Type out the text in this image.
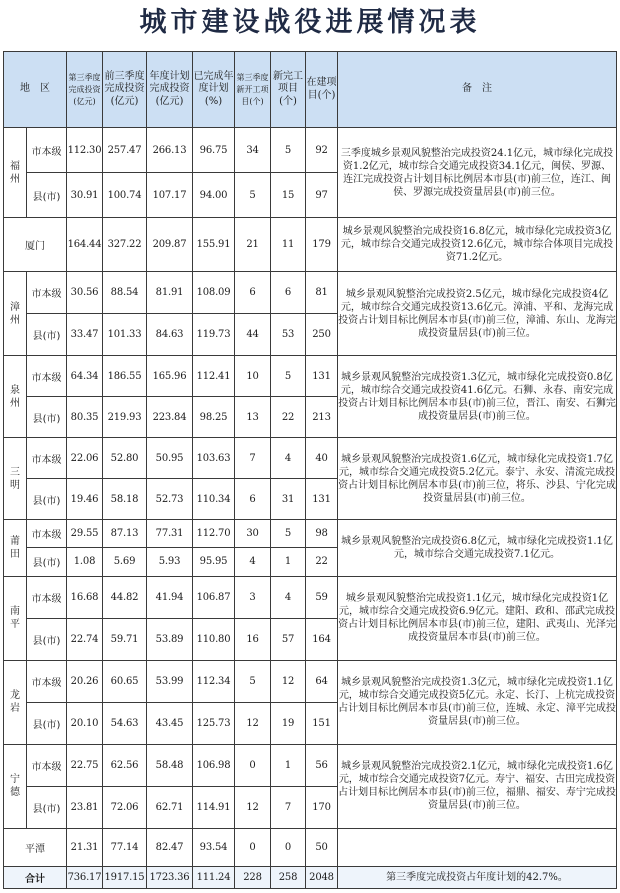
城市建设战役进展情况表
地　区		第三季度完成投资(亿元)	前三季度完成投资(亿元)	年度计划完成投资(亿元)	已完成年度计划(%)	第三季度新开工项目(个)	新完工项目(个)	在建项目(个)	备　注

福
州	市本级	112.30	257.47	266.13	96.75	34	5	92	三季度城乡景观风貌整治完成投资24.1亿元，城市绿化完成投资1.2亿元，城市综合交通完成投资34.1亿元，闽侯、罗源、连江完成投资占计划目标比例居本市县(市)前三位，连江、闽侯、罗源完成投资量居县(市)前三位。
	县(市)	30.91	100.74	107.17	94.00	5	15	97	
厦门		164.44	327.22	209.87	155.91	21	11	179	城乡景观风貌整治完成投资16.8亿元，城市绿化完成投资3亿元，城市综合交通完成投资12.6亿元，城市综合体项目完成投资71.2亿元。

漳
州	市本级	30.56	88.54	81.91	108.09	6	6	81	城乡景观风貌整治完成投资2.5亿元，城市绿化完成投资4亿元，城市综合交通完成投资13.6亿元。漳浦、平和、龙海完成投资占计划目标比例居本市县(市)前三位，漳浦、东山、龙海完成投资量居县(市)前三位。
	县(市)	33.47	101.33	84.63	119.73	44	53	250	

泉
州	市本级	64.34	186.55	165.96	112.41	10	5	131	城乡景观风貌整治完成投资1.3亿元，城市绿化完成投资0.8亿元，城市综合交通完成投资41.6亿元。石狮、永春、南安完成投资占计划目标比例居本市县(市)前三位，晋江、南安、石狮完成投资量居县(市)前三位。
	县(市)	80.35	219.93	223.84	98.25	13	22	213	

三
明	市本级	22.06	52.80	50.95	103.63	7	4	40	城乡景观风貌整治完成投资1.6亿元，城市绿化完成投资1.7亿元，城市综合交通完成投资5.2亿元。泰宁、永安、清流完成投资占计划目标比例居本市县(市)前三位，将乐、沙县、宁化完成投资量居县(市)前三位。
	县(市)	19.46	58.18	52.73	110.34	6	31	131	

莆
田	市本级	29.55	87.13	77.31	112.70	30	5	98	城乡景观风貌整治完成投资6.8亿元，城市绿化完成投资1.1亿元，城市综合交通完成投资7.1亿元。
	县(市)	1.08	5.69	5.93	95.95	4	1	22	

南
平	市本级	16.68	44.82	41.94	106.87	3	4	59	城乡景观风貌整治完成投资1.1亿元，城市绿化完成投资1亿元，城市综合交通完成投资6.9亿元。建阳、政和、邵武完成投资占计划目标比例居本市县(市)前三位，建阳、武夷山、光泽完成投资量居本市县(市)前三位。
	县(市)	22.74	59.71	53.89	110.80	16	57	164	

龙
岩	市本级	20.26	60.65	53.99	112.34	5	12	64	城乡景观风貌整治完成投资1.3亿元，城市绿化完成投资1.1亿元，城市综合交通完成投资5亿元。永定、长汀、上杭完成投资占计划目标比例居本市县(市)前三位，连城、永定、漳平完成投资量居县(市)前三位。
	县(市)	20.10	54.63	43.45	125.73	12	19	151	

宁
德	市本级	22.75	62.56	58.48	106.98	0	1	56	城乡景观风貌整治完成投资2.1亿元，城市绿化完成投资1.6亿元，城市综合交通完成投资7亿元。寿宁、福安、古田完成投资占计划目标比例居本市县(市)前三位，福鼎、福安、寿宁完成投资量居县(市)前三位。
	县(市)	23.81	72.06	62.71	114.91	12	7	170	
平潭		21.31	77.14	82.47	93.54	0	0	50	
合计		736.17	1917.15	1723.36	111.24	228	258	2048	第三季度完成投资占年度计划的42.7%。
